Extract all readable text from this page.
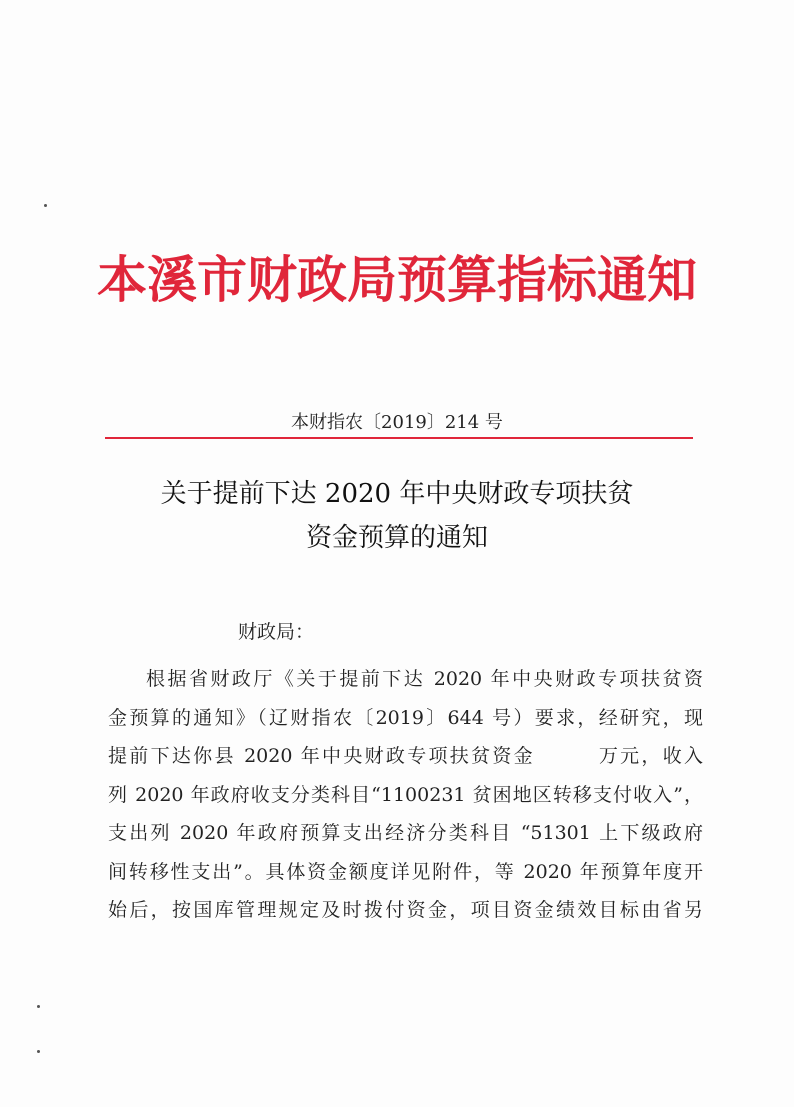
本溪市财政局预算指标通知
本财指农〔2019〕214 号
关于提前下达 2020 年中央财政专项扶贫
资金预算的通知
财政局：
根据省财政厅《关于提前下达 2020 年中央财政专项扶贫资
金预算的通知》（辽财指农〔2019〕644 号）要求，经研究，现
提前下达你县 2020 年中央财政专项扶贫资金　　　万元，收入
列 2020 年政府收支分类科目“1100231 贫困地区转移支付收入”，
支出列 2020 年政府预算支出经济分类科目 “51301 上下级政府
间转移性支出”。具体资金额度详见附件，等 2020 年预算年度开
始后，按国库管理规定及时拨付资金，项目资金绩效目标由省另
